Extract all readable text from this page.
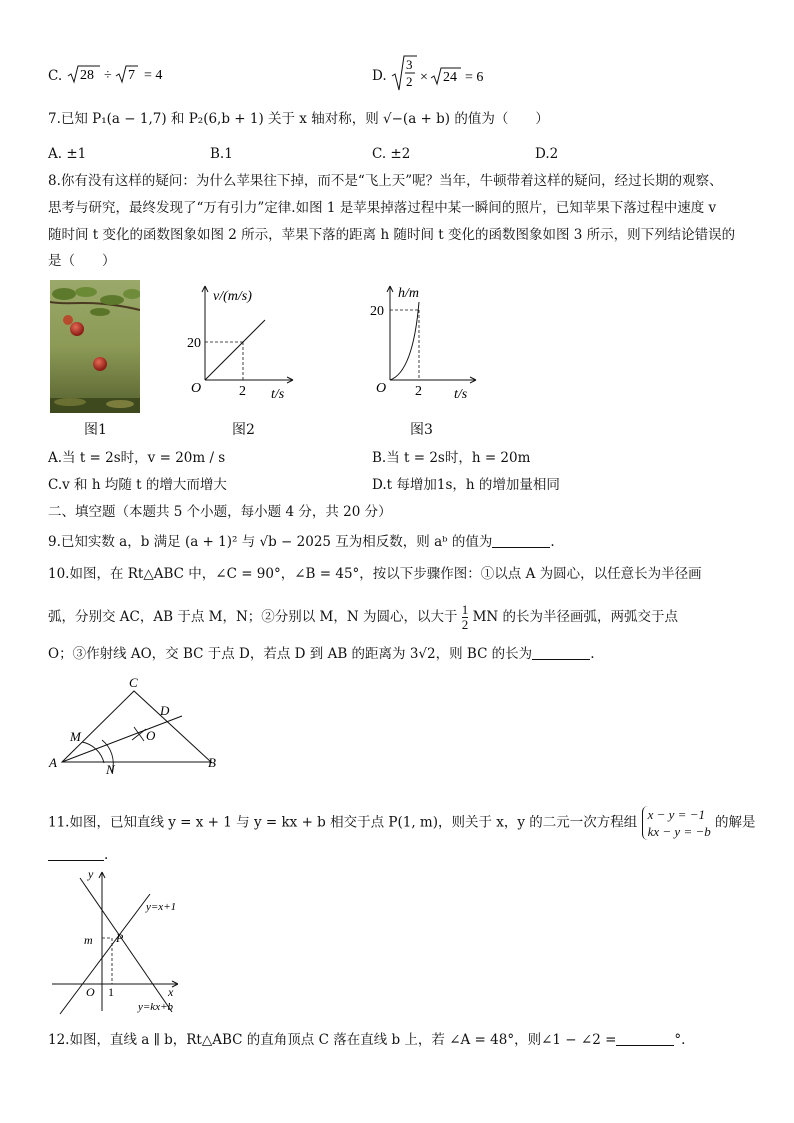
C. 28 ÷ 7 = 4	D.
3
2 × 24 = 6
7.已知 P₁(a − 1,7) 和 P₂(6,b + 1) 关于 x 轴对称，则 √−(a + b) 的值为（　　）
A. ±1	B.1	C. ±2	D.2
8.你有没有这样的疑问：为什么苹果往下掉，而不是“飞上天”呢？当年，牛顿带着这样的疑问，经过长期的观察、
思考与研究，最终发现了“万有引力”定律.如图 1 是苹果掉落过程中某一瞬间的照片，已知苹果下落过程中速度 v
随时间 t 变化的函数图象如图 2 所示，苹果下落的距离 h 随时间 t 变化的函数图象如图 3 所示，则下列结论错误的
是（　　）
v/(m/s)
20
2
O	t/s
h/m
20
2
O	t/s
图1	图2	图3
A.当 t = 2s时，v = 20m / s	B.当 t = 2s时，h = 20m
C.v 和 h 均随 t 的增大而增大	D.t 每增加1s，h 的增加量相同
二、填空题（本题共 5 个小题，每小题 4 分，共 20 分）
9.已知实数 a，b 满足 (a + 1)² 与 √b − 2025 互为相反数，则 aᵇ 的值为	.
10.如图，在 Rt△ABC 中，∠C = 90°，∠B = 45°，按以下步骤作图：①以点 A 为圆心，以任意长为半径画
弧，分别交 AC，AB 于点 M，N；②分别以 M，N 为圆心，以大于 $\frac{1}{2}$ MN 的长为半径画弧，两弧交于点
O；③作射线 AO，交 BC 于点 D，若点 D 到 AB 的距离为 3√2，则 BC 的长为	.
C
D
M	O
A	N	B
11.如图，已知直线 y = x + 1 与 y = kx + b 相交于点 P(1, m)，则关于 x，y 的二元一次方程组 x − y = −1
kx − y = −b
的解是
.
y
x
O 1
m P
y=x+1
y=kx+b
12.如图，直线 a ∥ b，Rt△ABC 的直角顶点 C 落在直线 b 上，若 ∠A = 48°，则∠1 − ∠2 =	°.
